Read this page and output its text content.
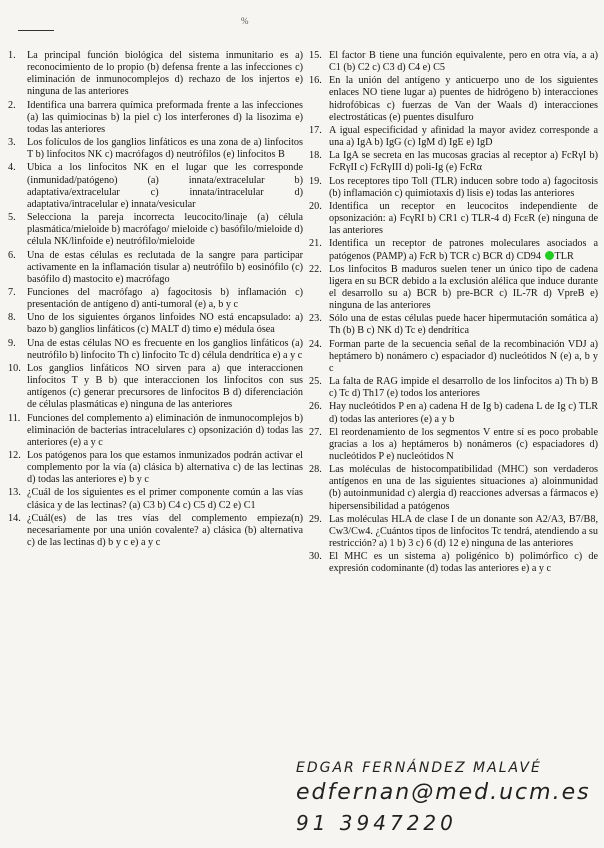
%
1.	La principal función biológica del sistema inmunitario es a) reconocimiento de lo propio (b) defensa frente a las infecciones c) eliminación de inmunocomplejos d) rechazo de los injertos e) ninguna de las anteriores
2.	Identifica una barrera química preformada frente a las infecciones (a) las quimiocinas b) la piel c) los interferones d) la lisozima e) todas las anteriores
3.	Los folículos de los ganglios linfáticos es una zona de a) linfocitos T b) linfocitos NK c) macrófagos d) neutrófilos (e) linfocitos B
4.	Ubica a los linfocitos NK en el lugar que les corresponde (inmunidad/patógeno) (a) innata/extracelular b) adaptativa/extracelular c) innata/intracelular d) adaptativa/intracelular e) innata/vesicular
5.	Selecciona la pareja incorrecta leucocito/linaje (a) célula plasmática/mieloide b) macrófago/ mieloide c) basófilo/mieloide d) célula NK/linfoide e) neutrófilo/mieloide
6.	Una de estas células es reclutada de la sangre para participar activamente en la inflamación tisular a) neutrófilo b) eosinófilo (c) basófilo d) mastocito e) macrófago
7.	Funciones del macrófago a) fagocitosis b) inflamación c) presentación de antígeno d) anti-tumoral (e) a, b y c
8.	Uno de los siguientes órganos linfoides NO está encapsulado: a) bazo b) ganglios linfáticos (c) MALT d) timo e) médula ósea
9.	Una de estas células NO es frecuente en los ganglios linfáticos (a) neutrófilo b) linfocito Th c) linfocito Tc d) célula dendrítica e) a y c
10. Los ganglios linfáticos NO sirven para a) que interaccionen linfocitos T y B b) que interaccionen los linfocitos con sus antígenos (c) generar precursores de linfocitos B d) diferenciación de células plasmáticas e) ninguna de las anteriores
11. Funciones del complemento a) eliminación de inmunocomplejos b) eliminación de bacterias intracelulares c) opsonización d) todas las anteriores (e) a y c
12. Los patógenos para los que estamos inmunizados podrán activar el complemento por la vía (a) clásica b) alternativa c) de las lectinas d) todas las anteriores e) b y c
13. ¿Cuál de los siguientes es el primer componente común a las vías clásica y de las lectinas? (a) C3 b) C4 c) C5 d) C2 e) C1
14. ¿Cuál(es) de las tres vías del complemento empieza(n) necesariamente por una unión covalente? a) clásica (b) alternativa c) de las lectinas d) b y c e) a y c
15. El factor B tiene una función equivalente, pero en otra vía, a a) C1 (b) C2 c) C3 d) C4 e) C5
16. En la unión del antígeno y anticuerpo uno de los siguientes enlaces NO tiene lugar a) puentes de hidrógeno b) interacciones hidrofóbicas c) fuerzas de Van der Waals d) interacciones electrostáticas (e) puentes disulfuro
17. A igual especificidad y afinidad la mayor avidez corresponde a una a) IgA b) IgG (c) IgM d) IgE e) IgD
18. La IgA se secreta en las mucosas gracias al receptor a) FcRγI b) FcRγII c) FcRγIII d) poli-Ig (e) FcRα
19. Los receptores tipo Toll (TLR) inducen sobre todo a) fagocitosis (b) inflamación c) quimiotaxis d) lisis e) todas las anteriores
20. Identifica un receptor en leucocitos independiente de opsonización: a) FcγRI b) CR1 c) TLR-4 d) FcεR (e) ninguna de las anteriores
21. Identifica un receptor de patrones moleculares asociados a patógenos (PAMP) a) FcR b) TCR c) BCR d) CD94 TLR
22. Los linfocitos B maduros suelen tener un único tipo de cadena ligera en su BCR debido a la exclusión alélica que induce durante el desarrollo su a) BCR b) pre-BCR c) IL-7R d) VpreB e) ninguna de las anteriores
23. Sólo una de estas células puede hacer hipermutación somática a) Th (b) B c) NK d) Tc e) dendrítica
24. Forman parte de la secuencia señal de la recombinación VDJ a) heptámero b) nonámero c) espaciador d) nucleótidos N (e) a, b y c
25. La falta de RAG impide el desarrollo de los linfocitos a) Th b) B c) Tc d) Th17 (e) todos los anteriores
26. Hay nucleótidos P en a) cadena H de Ig b) cadena L de Ig c) TLR d) todas las anteriores (e) a y b
27. El reordenamiento de los segmentos V entre sí es poco probable gracias a los a) heptámeros b) nonámeros (c) espaciadores d) nucleótidos P e) nucleótidos N
28. Las moléculas de histocompatibilidad (MHC) son verdaderos antígenos en una de las siguientes situaciones a) aloinmunidad (b) autoinmunidad c) alergia d) reacciones adversas a fármacos e) hipersensibilidad a patógenos
29. Las moléculas HLA de clase I de un donante son A2/A3, B7/B8, Cw3/Cw4. ¿Cuántos tipos de linfocitos Tc tendrá, atendiendo a su restricción? a) 1 b) 3 c) 6 (d) 12 e) ninguna de las anteriores
30. El MHC es un sistema a) poligénico b) polimórfico c) de expresión codominante (d) todas las anteriores e) a y c
EDGAR FERNÁNDEZ MALAVÉ
edfernan@med.ucm.es
91 3947220
